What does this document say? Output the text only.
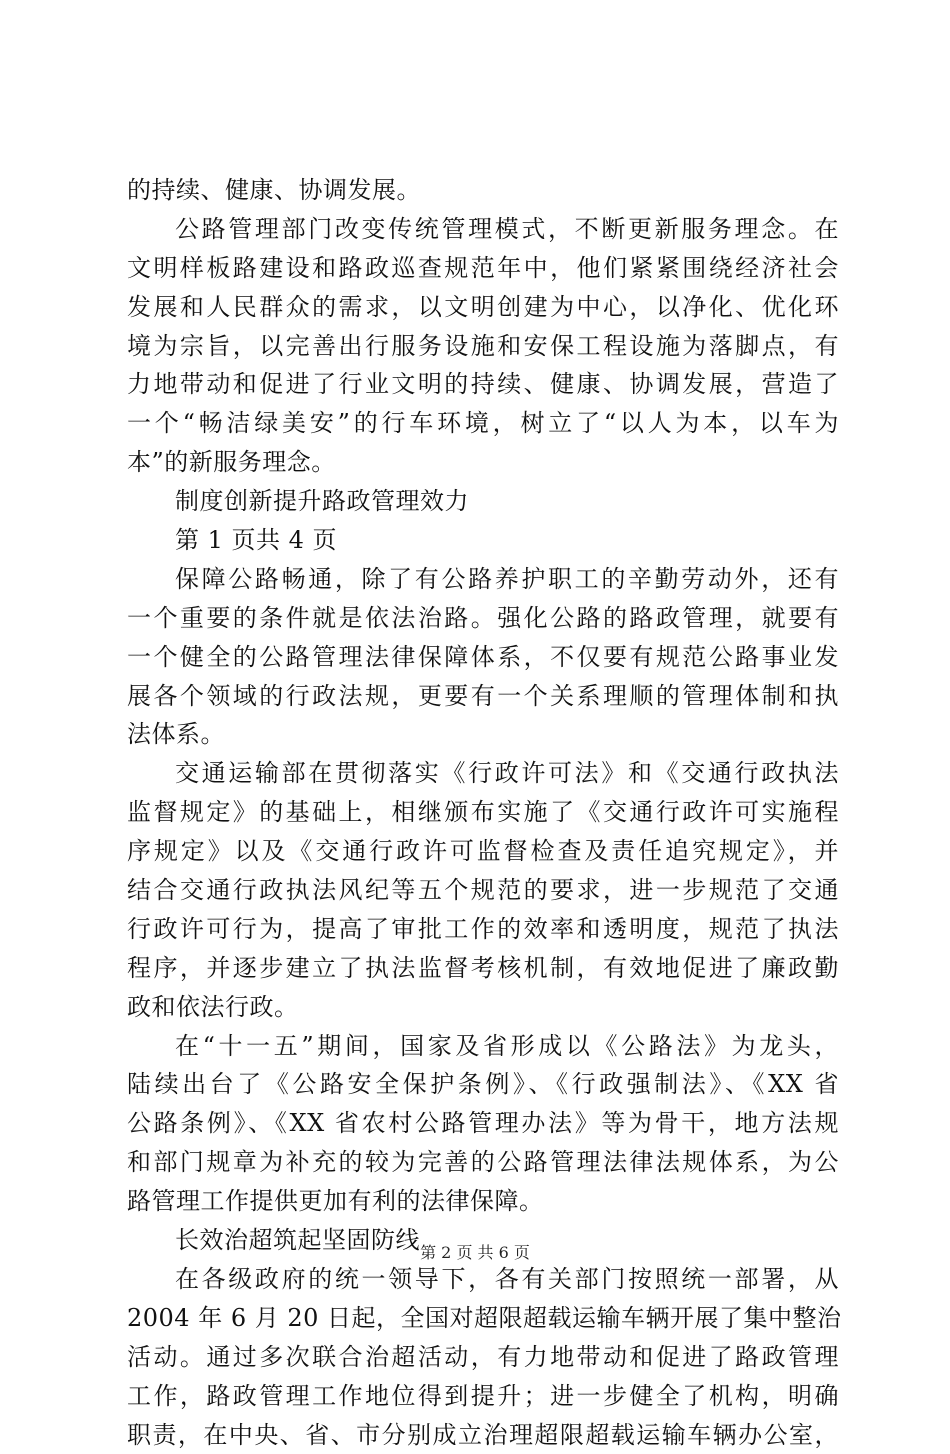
的持续、健康、协调发展。
公路管理部门改变传统管理模式，不断更新服务理念。在
文明样板路建设和路政巡查规范年中，他们紧紧围绕经济社会
发展和人民群众的需求，以文明创建为中心，以净化、优化环
境为宗旨，以完善出行服务设施和安保工程设施为落脚点，有
力地带动和促进了行业文明的持续、健康、协调发展，营造了
一个“畅洁绿美安”的行车环境，树立了“以人为本，以车为
本”的新服务理念。
制度创新提升路政管理效力
第 1 页共 4 页
保障公路畅通，除了有公路养护职工的辛勤劳动外，还有
一个重要的条件就是依法治路。强化公路的路政管理，就要有
一个健全的公路管理法律保障体系，不仅要有规范公路事业发
展各个领域的行政法规，更要有一个关系理顺的管理体制和执
法体系。
交通运输部在贯彻落实《行政许可法》和《交通行政执法
监督规定》的基础上，相继颁布实施了《交通行政许可实施程
序规定》以及《交通行政许可监督检查及责任追究规定》，并
结合交通行政执法风纪等五个规范的要求，进一步规范了交通
行政许可行为，提高了审批工作的效率和透明度，规范了执法
程序，并逐步建立了执法监督考核机制，有效地促进了廉政勤
政和依法行政。
在“十一五”期间，国家及省形成以《公路法》为龙头，
陆续出台了《公路安全保护条例》、《行政强制法》、《XX 省
公路条例》、《XX 省农村公路管理办法》等为骨干，地方法规
和部门规章为补充的较为完善的公路管理法律法规体系，为公
路管理工作提供更加有利的法律保障。
长效治超筑起坚固防线
在各级政府的统一领导下，各有关部门按照统一部署，从
2004 年 6 月 20 日起，全国对超限超载运输车辆开展了集中整治
活动。通过多次联合治超活动，有力地带动和促进了路政管理
工作，路政管理工作地位得到提升；进一步健全了机构，明确
职责，在中央、省、市分别成立治理超限超载运输车辆办公室，
第 2 页 共 6 页
